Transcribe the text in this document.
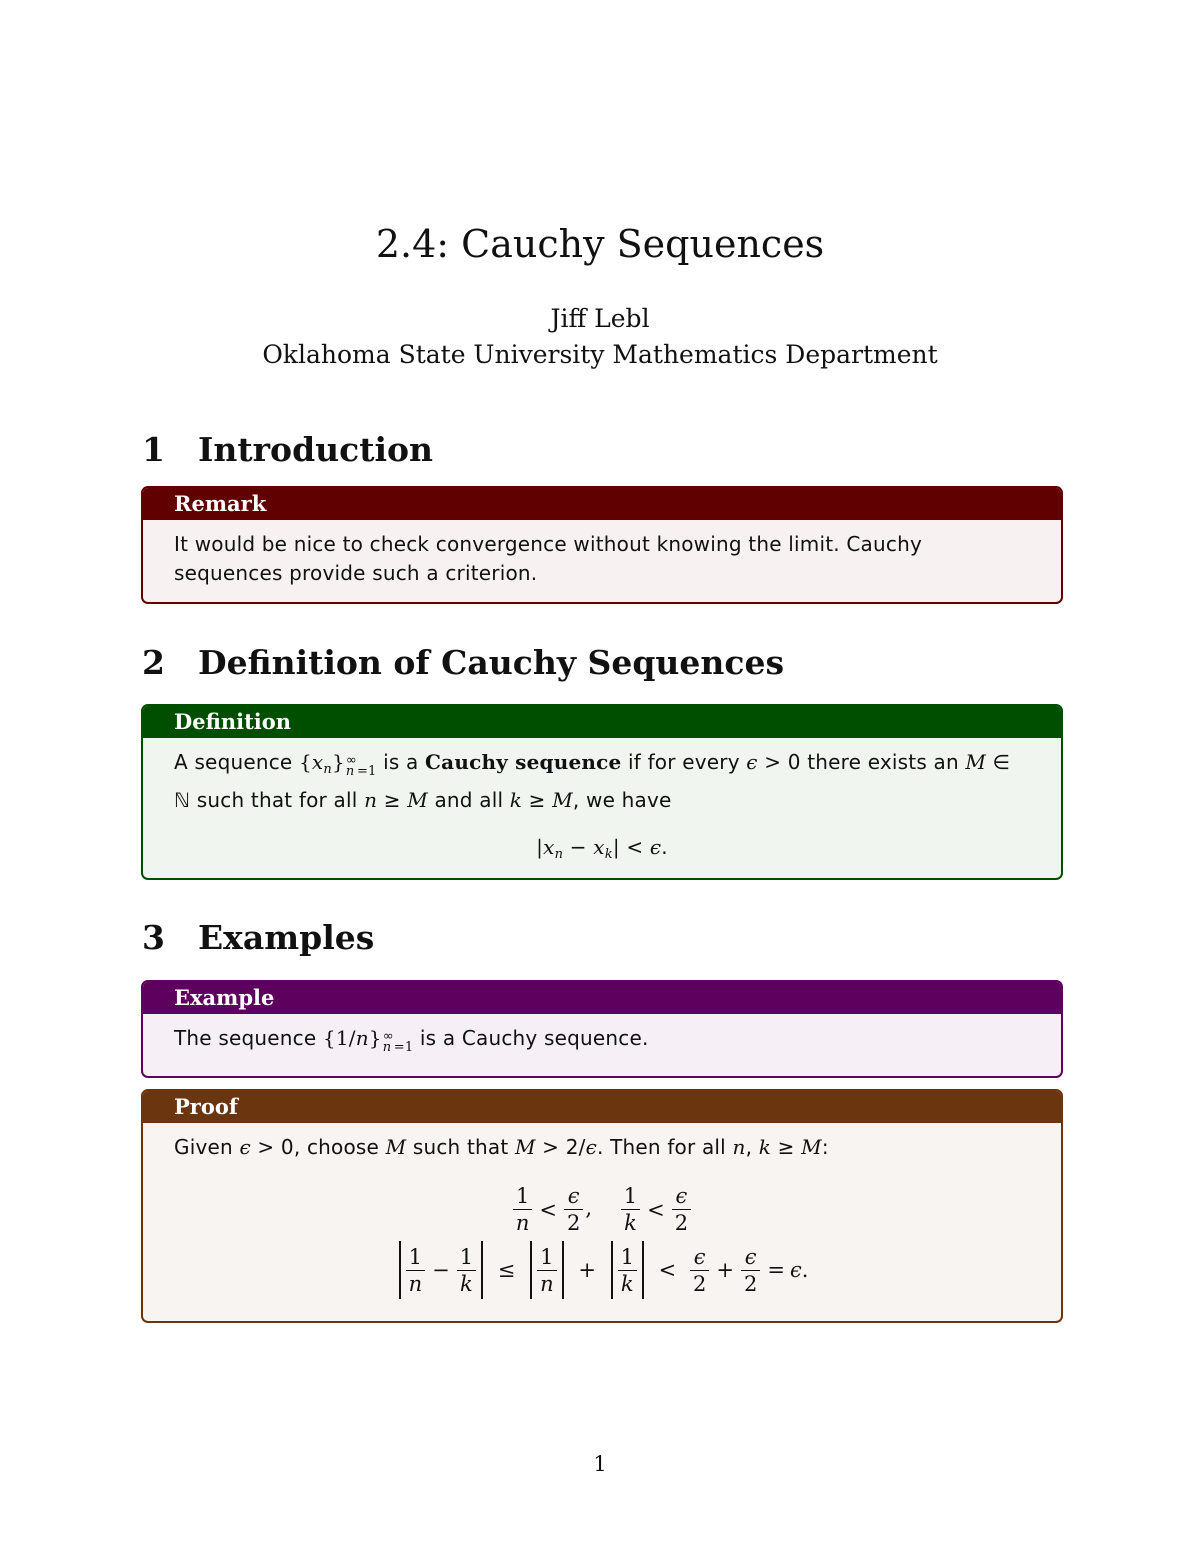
2.4: Cauchy Sequences
Jiff Lebl
Oklahoma State University Mathematics Department
1 Introduction
Remark
It would be nice to check convergence without knowing the limit. Cauchy sequences provide such a criterion.
2 Definition of Cauchy Sequences
Definition
A sequence $\{x_n\}$ ∞
n $_{=1}$ is a Cauchy sequence if for every ϵ > 0 there exists an M ∈ ℕ such that for all n ≥ M and all k ≥ M, we have
$|x_n - x_k| < \epsilon$.
3 Examples
Example
The sequence {1/n} ∞
n $_{=1}$ is a Cauchy sequence.
Proof
Given ϵ > 0, choose M such that M > 2/ϵ. Then for all n, k ≥ M:
$\frac{1}{n} < \frac{\epsilon}{2}$ , $\frac{1}{k} < \frac{\epsilon}{2}$
$\frac{1}{n} - \frac{1}{k} \le \frac{1}{n} + \frac{1}{k} < \frac{\epsilon}{2} + \frac{\epsilon}{2} = \epsilon$.
1
